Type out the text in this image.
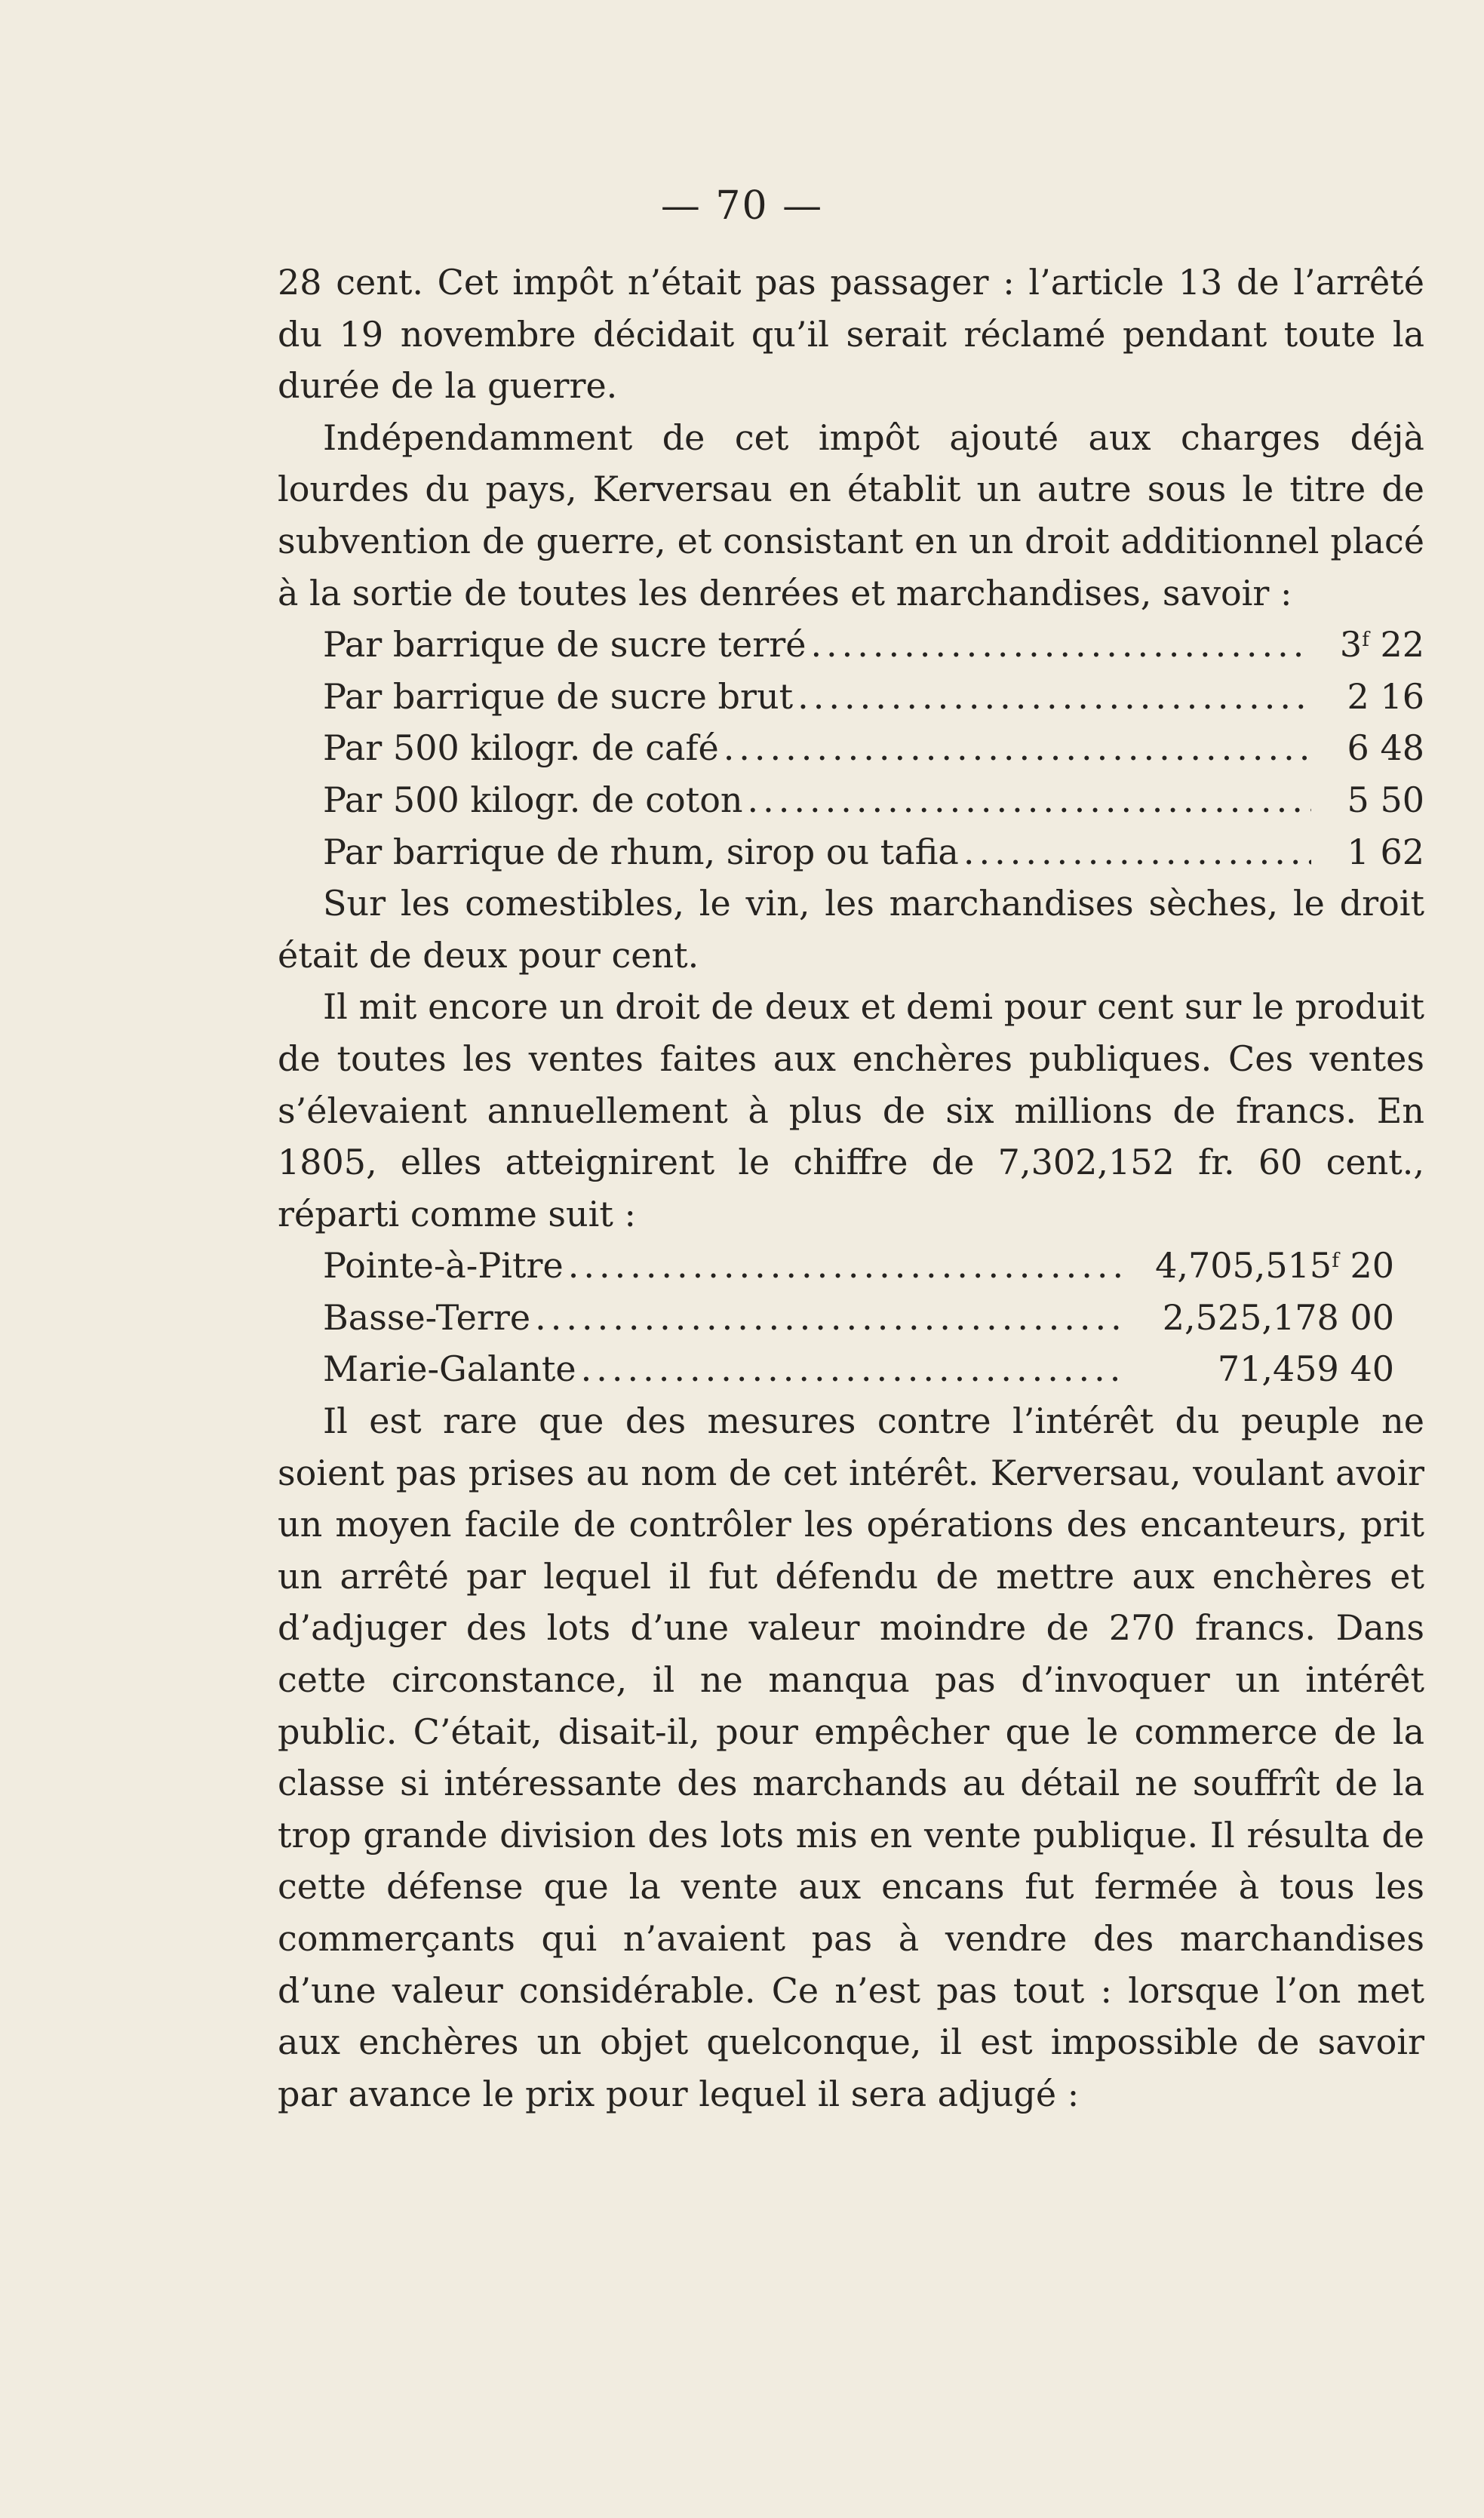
— 70 —

28 cent. Cet impôt n’était pas passager : l’article 13 de l’arrêté du 19 novembre décidait qu’il serait réclamé pendant toute la durée de la guerre.

Indépendamment de cet impôt ajouté aux charges déjà lourdes du pays, Kerversau en établit un autre sous le titre de subvention de guerre, et consistant en un droit additionnel placé à la sortie de toutes les denrées et marchandises, savoir :

Par barrique de sucre terré .....	3$^f$ 22
Par barrique de sucre brut .....	2 16
Par 500 kilogr. de café .....	6 48
Par 500 kilogr. de coton .....	5 50
Par barrique de rhum, sirop ou tafia .....	1 62

Sur les comestibles, le vin, les marchandises sèches, le droit était de deux pour cent.

Il mit encore un droit de deux et demi pour cent sur le produit de toutes les ventes faites aux enchères publiques. Ces ventes s’élevaient annuellement à plus de six millions de francs. En 1805, elles atteignirent le chiffre de 7,302,152 fr. 60 cent., réparti comme suit :

Pointe-à-Pitre .....	4,705,515$^f$ 20
Basse-Terre .....	2,525,178 00
Marie-Galante .....	71,459 40

Il est rare que des mesures contre l’intérêt du peuple ne soient pas prises au nom de cet intérêt. Kerversau, voulant avoir un moyen facile de contrôler les opérations des encanteurs, prit un arrêté par lequel il fut défendu de mettre aux enchères et d’adjuger des lots d’une valeur moindre de 270 francs. Dans cette circonstance, il ne manqua pas d’invoquer un intérêt public. C’était, disait-il, pour empêcher que le commerce de la classe si intéressante des marchands au détail ne souffrît de la trop grande division des lots mis en vente publique. Il résulta de cette défense que la vente aux encans fut fermée à tous les commerçants qui n’avaient pas à vendre des marchandises d’une valeur considérable. Ce n’est pas tout : lorsque l’on met aux enchères un objet quelconque, il est impossible de savoir par avance le prix pour lequel il sera adjugé :
